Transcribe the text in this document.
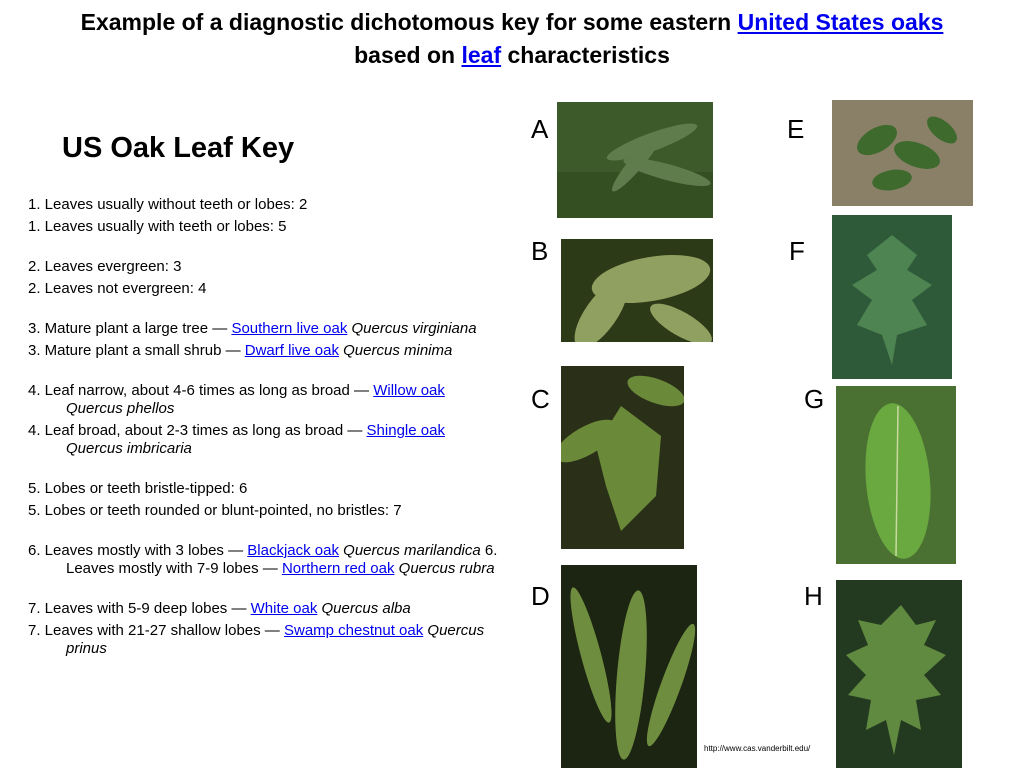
Example of a diagnostic dichotomous key for some eastern United States oaks based on leaf characteristics
US Oak Leaf Key
1. Leaves usually without teeth or lobes: 2
1. Leaves usually with teeth or lobes: 5
2. Leaves evergreen: 3
2. Leaves not evergreen: 4
3. Mature plant a large tree — Southern live oak Quercus virginiana
3. Mature plant a small shrub — Dwarf live oak Quercus minima
4. Leaf narrow, about 4-6 times as long as broad — Willow oak Quercus phellos
4. Leaf broad, about 2-3 times as long as broad — Shingle oak Quercus imbricaria
5. Lobes or teeth bristle-tipped: 6
5. Lobes or teeth rounded or blunt-pointed, no bristles: 7
6. Leaves mostly with 3 lobes — Blackjack oak Quercus marilandica 6. Leaves mostly with 7-9 lobes — Northern red oak Quercus rubra
7. Leaves with 5-9 deep lobes — White oak Quercus alba
7. Leaves with 21-27 shallow lobes — Swamp chestnut oak Quercus prinus
A
B
C
D
E
F
G
H
http://www.cas.vanderbilt.edu/
